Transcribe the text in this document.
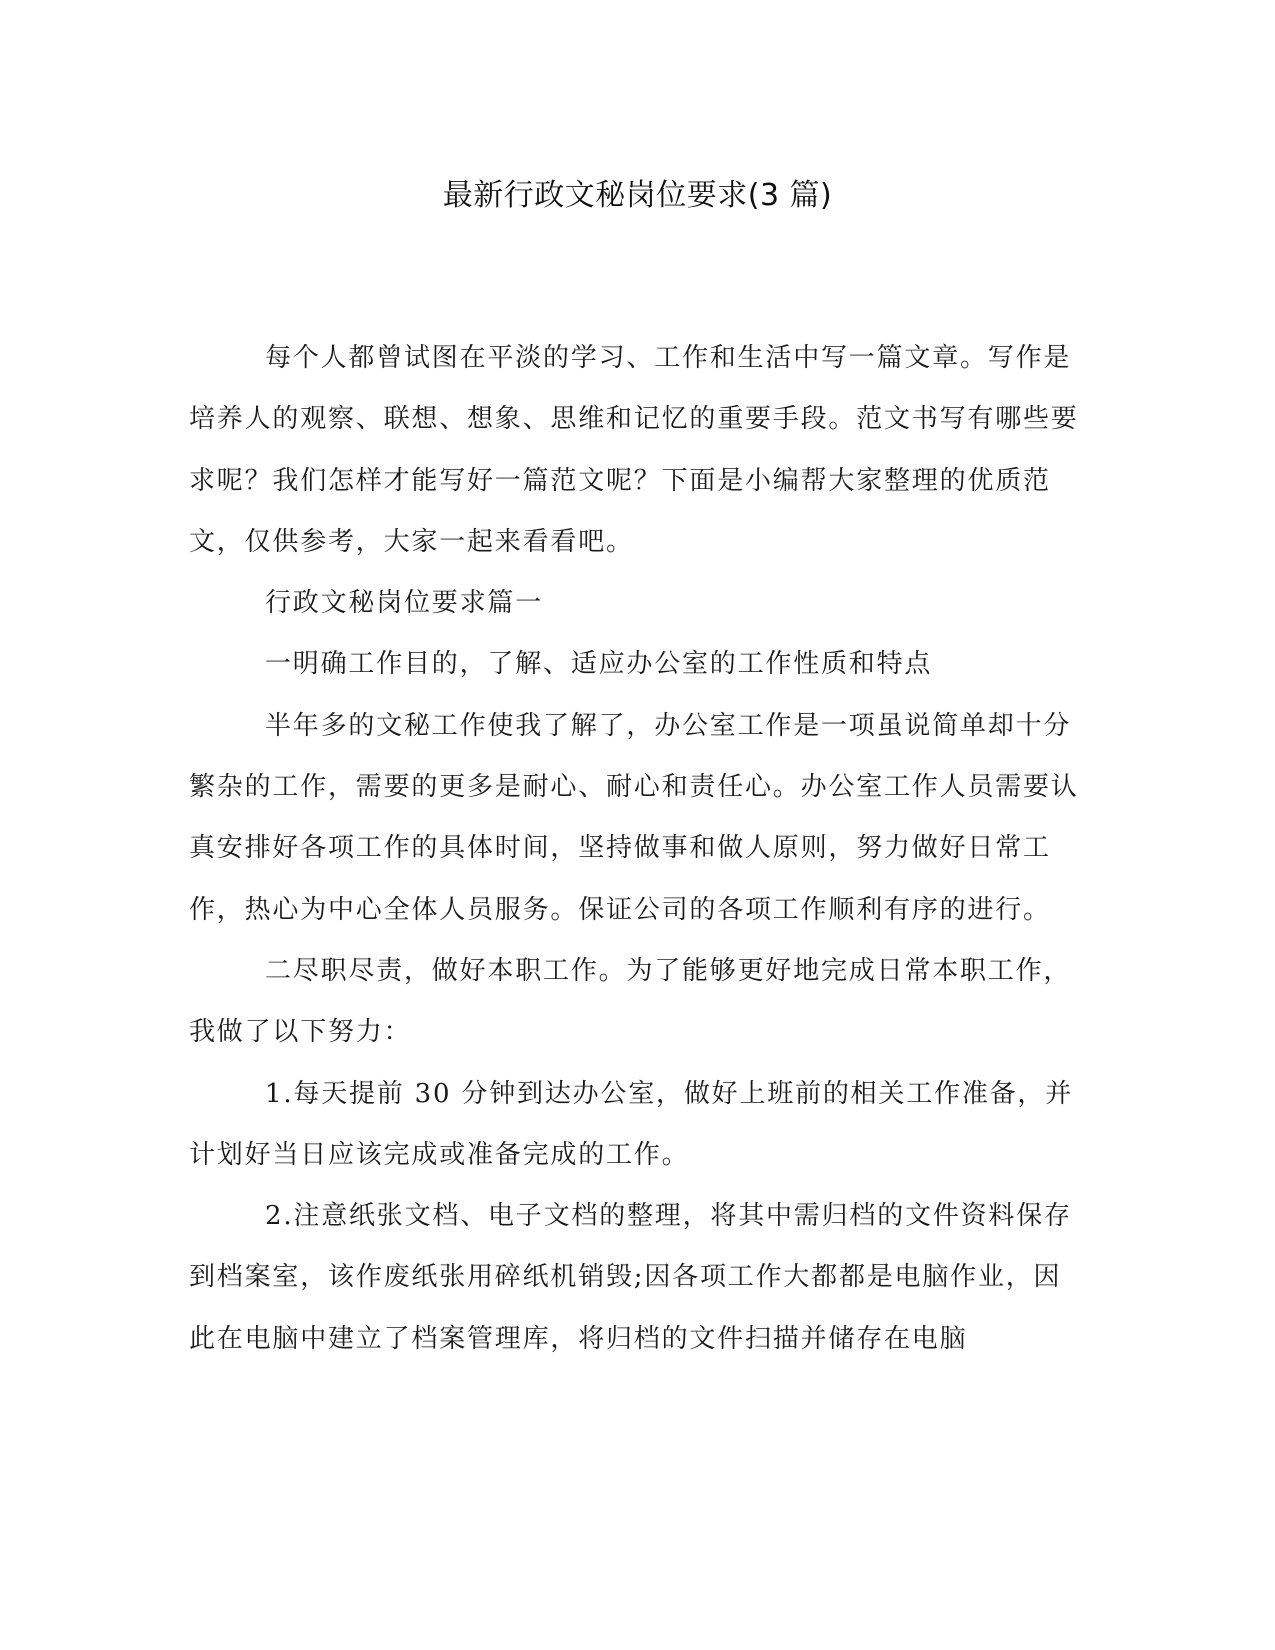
最新行政文秘岗位要求(3 篇)

每个人都曾试图在平淡的学习、工作和生活中写一篇文章。写作是培养人的观察、联想、想象、思维和记忆的重要手段。范文书写有哪些要求呢？我们怎样才能写好一篇范文呢？下面是小编帮大家整理的优质范文，仅供参考，大家一起来看看吧。

行政文秘岗位要求篇一

一明确工作目的，了解、适应办公室的工作性质和特点

半年多的文秘工作使我了解了，办公室工作是一项虽说简单却十分繁杂的工作，需要的更多是耐心、耐心和责任心。办公室工作人员需要认真安排好各项工作的具体时间，坚持做事和做人原则，努力做好日常工作，热心为中心全体人员服务。保证公司的各项工作顺利有序的进行。

二尽职尽责，做好本职工作。为了能够更好地完成日常本职工作，我做了以下努力：

1.每天提前 30 分钟到达办公室，做好上班前的相关工作准备，并计划好当日应该完成或准备完成的工作。

2.注意纸张文档、电子文档的整理，将其中需归档的文件资料保存到档案室，该作废纸张用碎纸机销毁;因各项工作大都都是电脑作业，因此在电脑中建立了档案管理库，将归档的文件扫描并储存在电脑
